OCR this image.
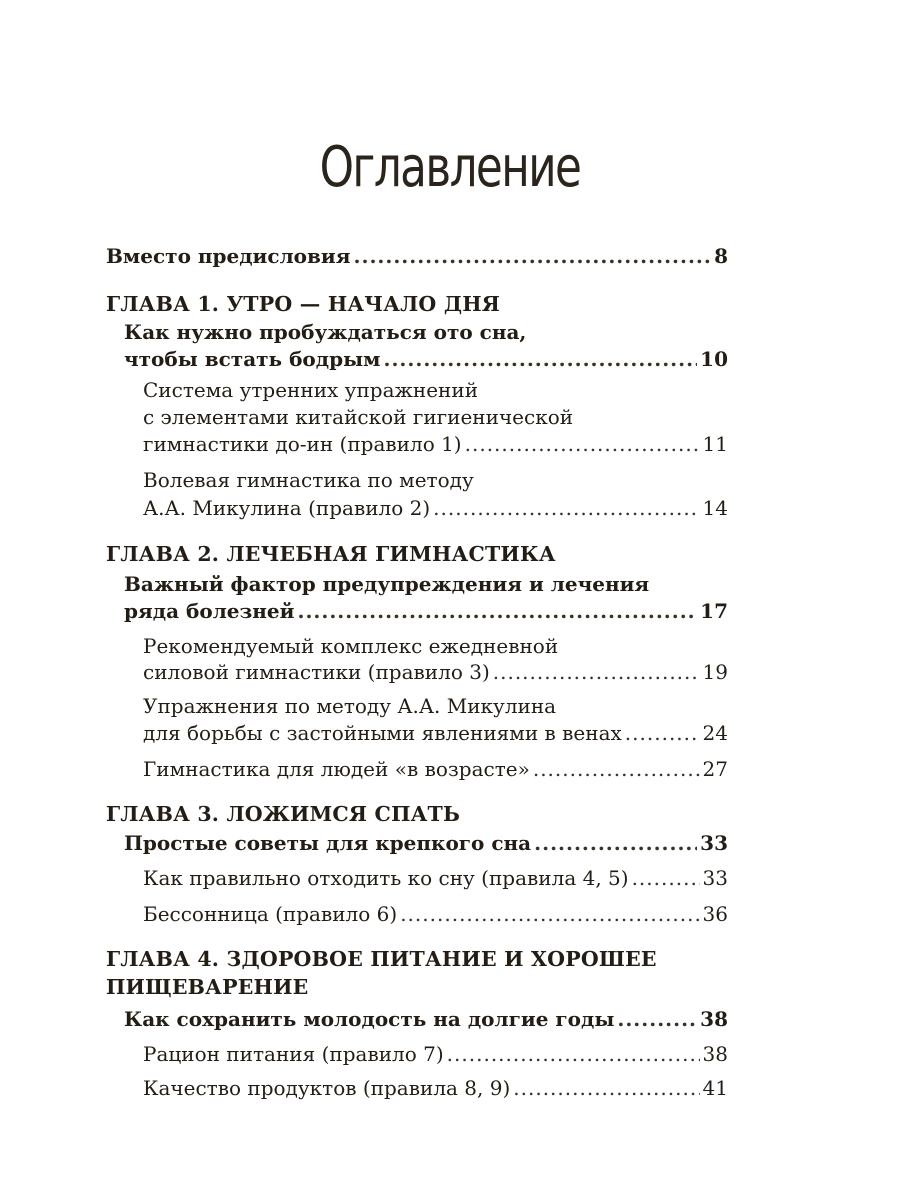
Оглавление
Вместо предисловия .....	8
ГЛАВА 1. УТРО — НАЧАЛО ДНЯ
Как нужно пробуждаться ото сна,
чтобы встать бодрым .....	10
Система утренних упражнений
с элементами китайской гигиенической
гимнастики до-ин (правило 1) .....	11
Волевая гимнастика по методу
А.А. Микулина (правило 2) .....	14
ГЛАВА 2. ЛЕЧЕБНАЯ ГИМНАСТИКА
Важный фактор предупреждения и лечения
ряда болезней .....	17
Рекомендуемый комплекс ежедневной
силовой гимнастики (правило 3) .....	19
Упражнения по методу А.А. Микулина
для борьбы с застойными явлениями в венах .....	24
Гимнастика для людей «в возрасте» .....	27
ГЛАВА 3. ЛОЖИМСЯ СПАТЬ
Простые советы для крепкого сна .....	33
Как правильно отходить ко сну (правила 4, 5) .....	33
Бессонница (правило 6) .....	36
ГЛАВА 4. ЗДОРОВОЕ ПИТАНИЕ И ХОРОШЕЕ
ПИЩЕВАРЕНИЕ
Как сохранить молодость на долгие годы .....	38
Рацион питания (правило 7) .....	38
Качество продуктов (правила 8, 9) .....	41
